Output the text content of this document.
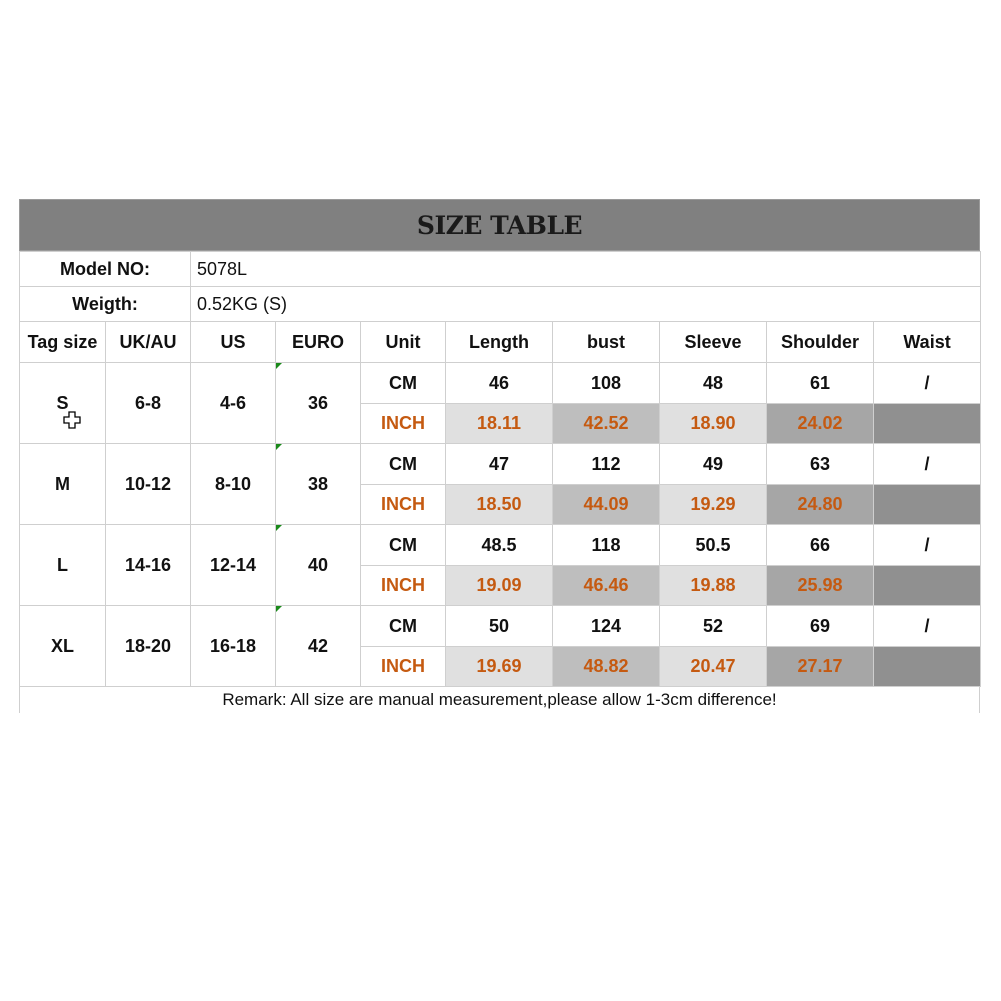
SIZE TABLE
Model NO:		5078L							
Weigth:		0.52KG (S)							
Tag size	UK/AU	US	EURO	Unit	Length	bust	Sleeve	Shoulder	Waist
S	6-8	4-6	36	CM	46	108	48	61	/
				INCH	18.11	42.52	18.90	24.02	
M	10-12	8-10	38	CM	47	112	49	63	/
				INCH	18.50	44.09	19.29	24.80	
L	14-16	12-14	40	CM	48.5	118	50.5	66	/
				INCH	19.09	46.46	19.88	25.98	
XL	18-20	16-18	42	CM	50	124	52	69	/
				INCH	19.69	48.82	20.47	27.17	
Remark: All size are manual measurement,please allow 1-3cm difference!
